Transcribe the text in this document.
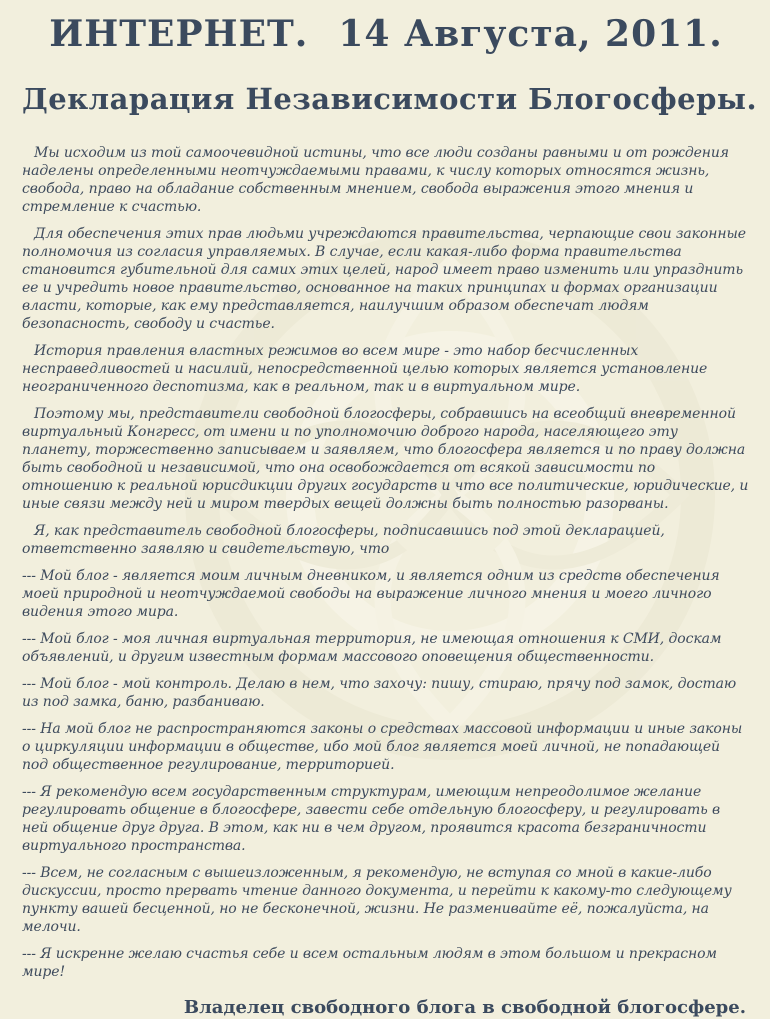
ИНТЕРНЕТ. 14 Августа, 2011.
Декларация Независимости Блогосферы.

Мы исходим из той самоочевидной истины, что все люди созданы равными и от рождения наделены определенными неотчуждаемыми правами, к числу которых относятся жизнь, свобода, право на обладание собственным мнением, свобода выражения этого мнения и стремление к счастью.

Для обеспечения этих прав людьми учреждаются правительства, черпающие свои законные полномочия из согласия управляемых. В случае, если какая-либо форма правительства становится губительной для самих этих целей, народ имеет право изменить или упразднить ее и учредить новое правительство, основанное на таких принципах и формах организации власти, которые, как ему представляется, наилучшим образом обеспечат людям безопасность, свободу и счастье.

История правления властных режимов во всем мире - это набор бесчисленных несправедливостей и насилий, непосредственной целью которых является установление неограниченного деспотизма, как в реальном, так и в виртуальном мире.

Поэтому мы, представители свободной блогосферы, собравшись на всеобщий вневременной виртуальный Конгресс, от имени и по уполномочию доброго народа, населяющего эту планету, торжественно записываем и заявляем, что блогосфера является и по праву должна быть свободной и независимой, что она освобождается от всякой зависимости по отношению к реальной юрисдикции других государств и что все политические, юридические, и иные связи между ней и миром твердых вещей должны быть полностью разорваны.

Я, как представитель свободной блогосферы, подписавшись под этой декларацией, ответственно заявляю и свидетельствую, что

--- Мой блог - является моим личным дневником, и является одним из средств обеспечения моей природной и неотчуждаемой свободы на выражение личного мнения и моего личного видения этого мира.

--- Мой блог - моя личная виртуальная территория, не имеющая отношения к СМИ, доскам объявлений, и другим известным формам массового оповещения общественности.

--- Мой блог - мой контроль. Делаю в нем, что захочу: пишу, стираю, прячу под замок, достаю из под замка, баню, разбаниваю.

--- На мой блог не распространяются законы о средствах массовой информации и иные законы о циркуляции информации в обществе, ибо мой блог является моей личной, не попадающей под общественное регулирование, территорией.

--- Я рекомендую всем государственным структурам, имеющим непреодолимое желание регулировать общение в блогосфере, завести себе отдельную блогосферу, и регулировать в ней общение друг друга. В этом, как ни в чем другом, проявится красота безграничности виртуального пространства.

--- Всем, не согласным с вышеизложенным, я рекомендую, не вступая со мной в какие-либо дискуссии, просто прервать чтение данного документа, и перейти к какому-то следующему пункту вашей бесценной, но не бесконечной, жизни. Не разменивайте её, пожалуйста, на мелочи.

--- Я искренне желаю счастья себе и всем остальным людям в этом большом и прекрасном мире!

Владелец свободного блога в свободной блогосфере.
